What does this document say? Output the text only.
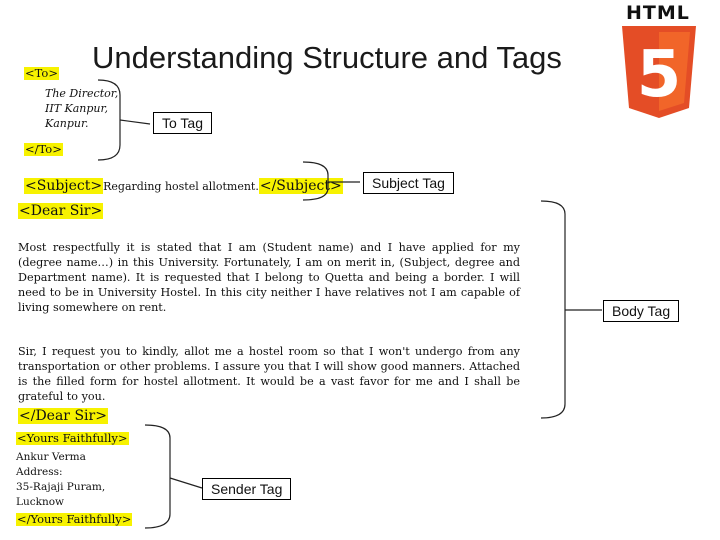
Understanding Structure and Tags
HTML
5
<To>
The Director,
IIT Kanpur,
Kanpur.
</To>
<Subject>Regarding hostel allotment.</Subject>
<Dear Sir>
Most respectfully it is stated that I am (Student name) and I have applied for my (degree name…) in this University. Fortunately, I am on merit in, (Subject, degree and Department name). It is requested that I belong to Quetta and being a border. I will need to be in University Hostel. In this city neither I have relatives not I am capable of living somewhere on rent.
Sir, I request you to kindly, allot me a hostel room so that I won't undergo from any transportation or other problems. I assure you that I will show good manners. Attached is the filled form for hostel allotment. It would be a vast favor for me and I shall be grateful to you.
</Dear Sir>
<Yours Faithfully>
Ankur Verma
Address:
35-Rajaji Puram,
Lucknow
</Yours Faithfully>
To Tag
Subject Tag
Body Tag
Sender Tag
